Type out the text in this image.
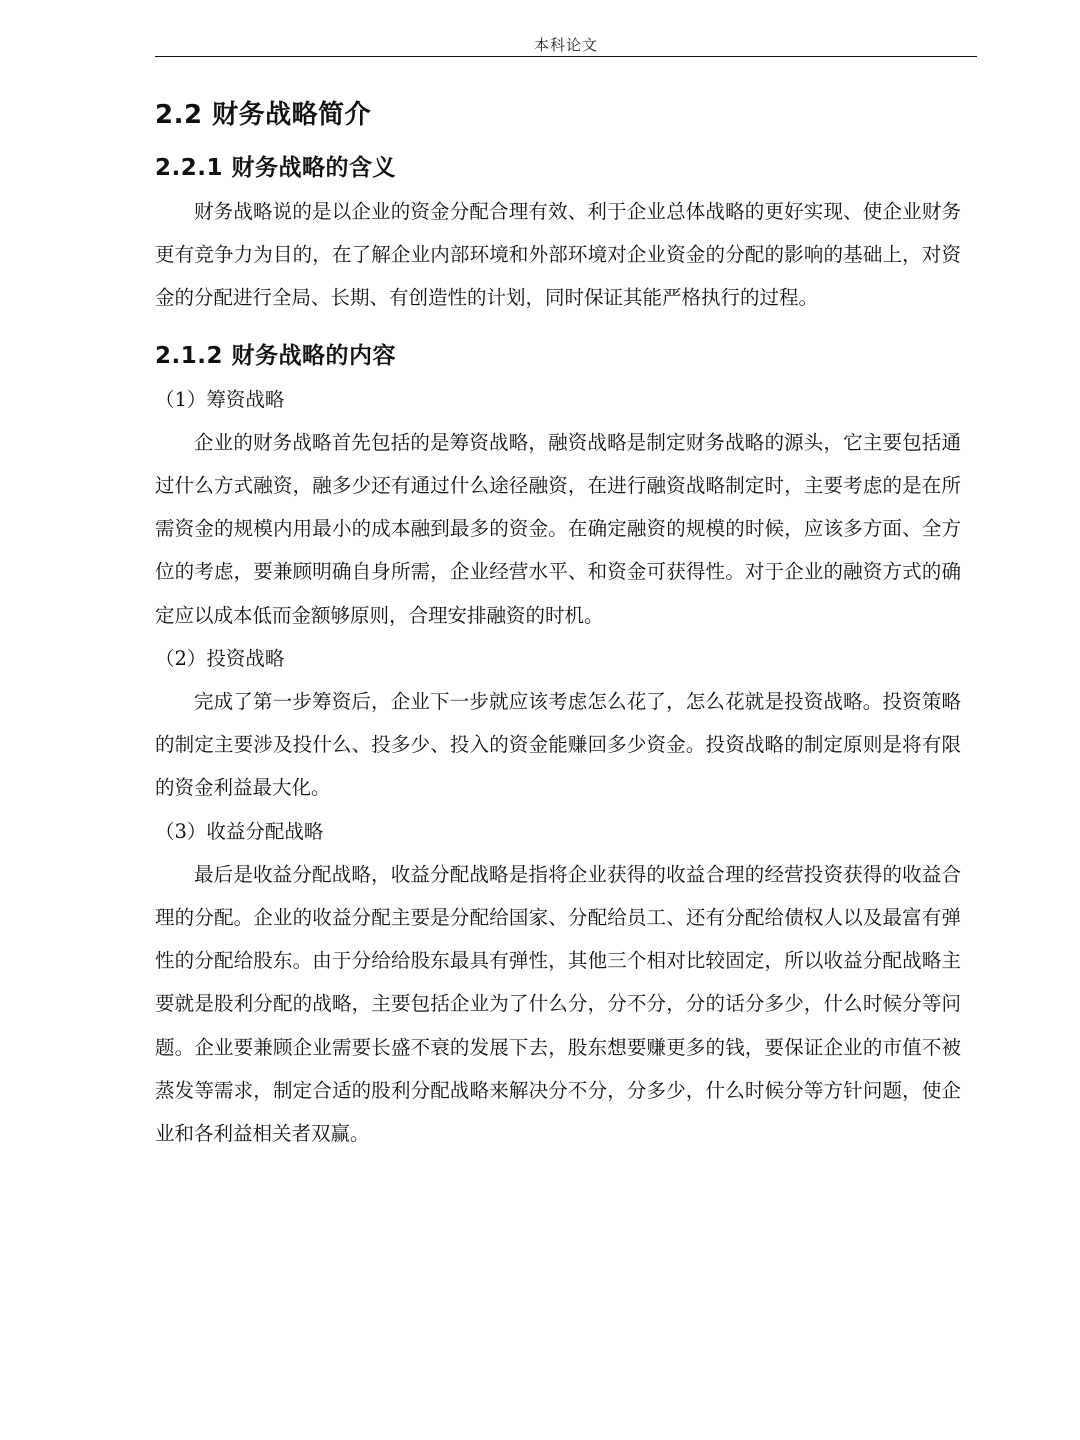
本科论文
2.2 财务战略简介
2.2.1 财务战略的含义

财务战略说的是以企业的资金分配合理有效、利于企业总体战略的更好实现、使企业财务更有竞争力为目的，在了解企业内部环境和外部环境对企业资金的分配的影响的基础上，对资金的分配进行全局、长期、有创造性的计划，同时保证其能严格执行的过程。

2.1.2 财务战略的内容

（1）筹资战略

企业的财务战略首先包括的是筹资战略，融资战略是制定财务战略的源头，它主要包括通过什么方式融资，融多少还有通过什么途径融资，在进行融资战略制定时，主要考虑的是在所需资金的规模内用最小的成本融到最多的资金。在确定融资的规模的时候，应该多方面、全方位的考虑，要兼顾明确自身所需，企业经营水平、和资金可获得性。对于企业的融资方式的确定应以成本低而金额够原则，合理安排融资的时机。

（2）投资战略

完成了第一步筹资后，企业下一步就应该考虑怎么花了，怎么花就是投资战略。投资策略的制定主要涉及投什么、投多少、投入的资金能赚回多少资金。投资战略的制定原则是将有限的资金利益最大化。

（3）收益分配战略

最后是收益分配战略，收益分配战略是指将企业获得的收益合理的经营投资获得的收益合理的分配。企业的收益分配主要是分配给国家、分配给员工、还有分配给债权人以及最富有弹性的分配给股东。由于分给给股东最具有弹性，其他三个相对比较固定，所以收益分配战略主要就是股利分配的战略，主要包括企业为了什么分，分不分，分的话分多少，什么时候分等问题。企业要兼顾企业需要长盛不衰的发展下去，股东想要赚更多的钱，要保证企业的市值不被蒸发等需求，制定合适的股利分配战略来解决分不分，分多少，什么时候分等方针问题，使企业和各利益相关者双赢。
